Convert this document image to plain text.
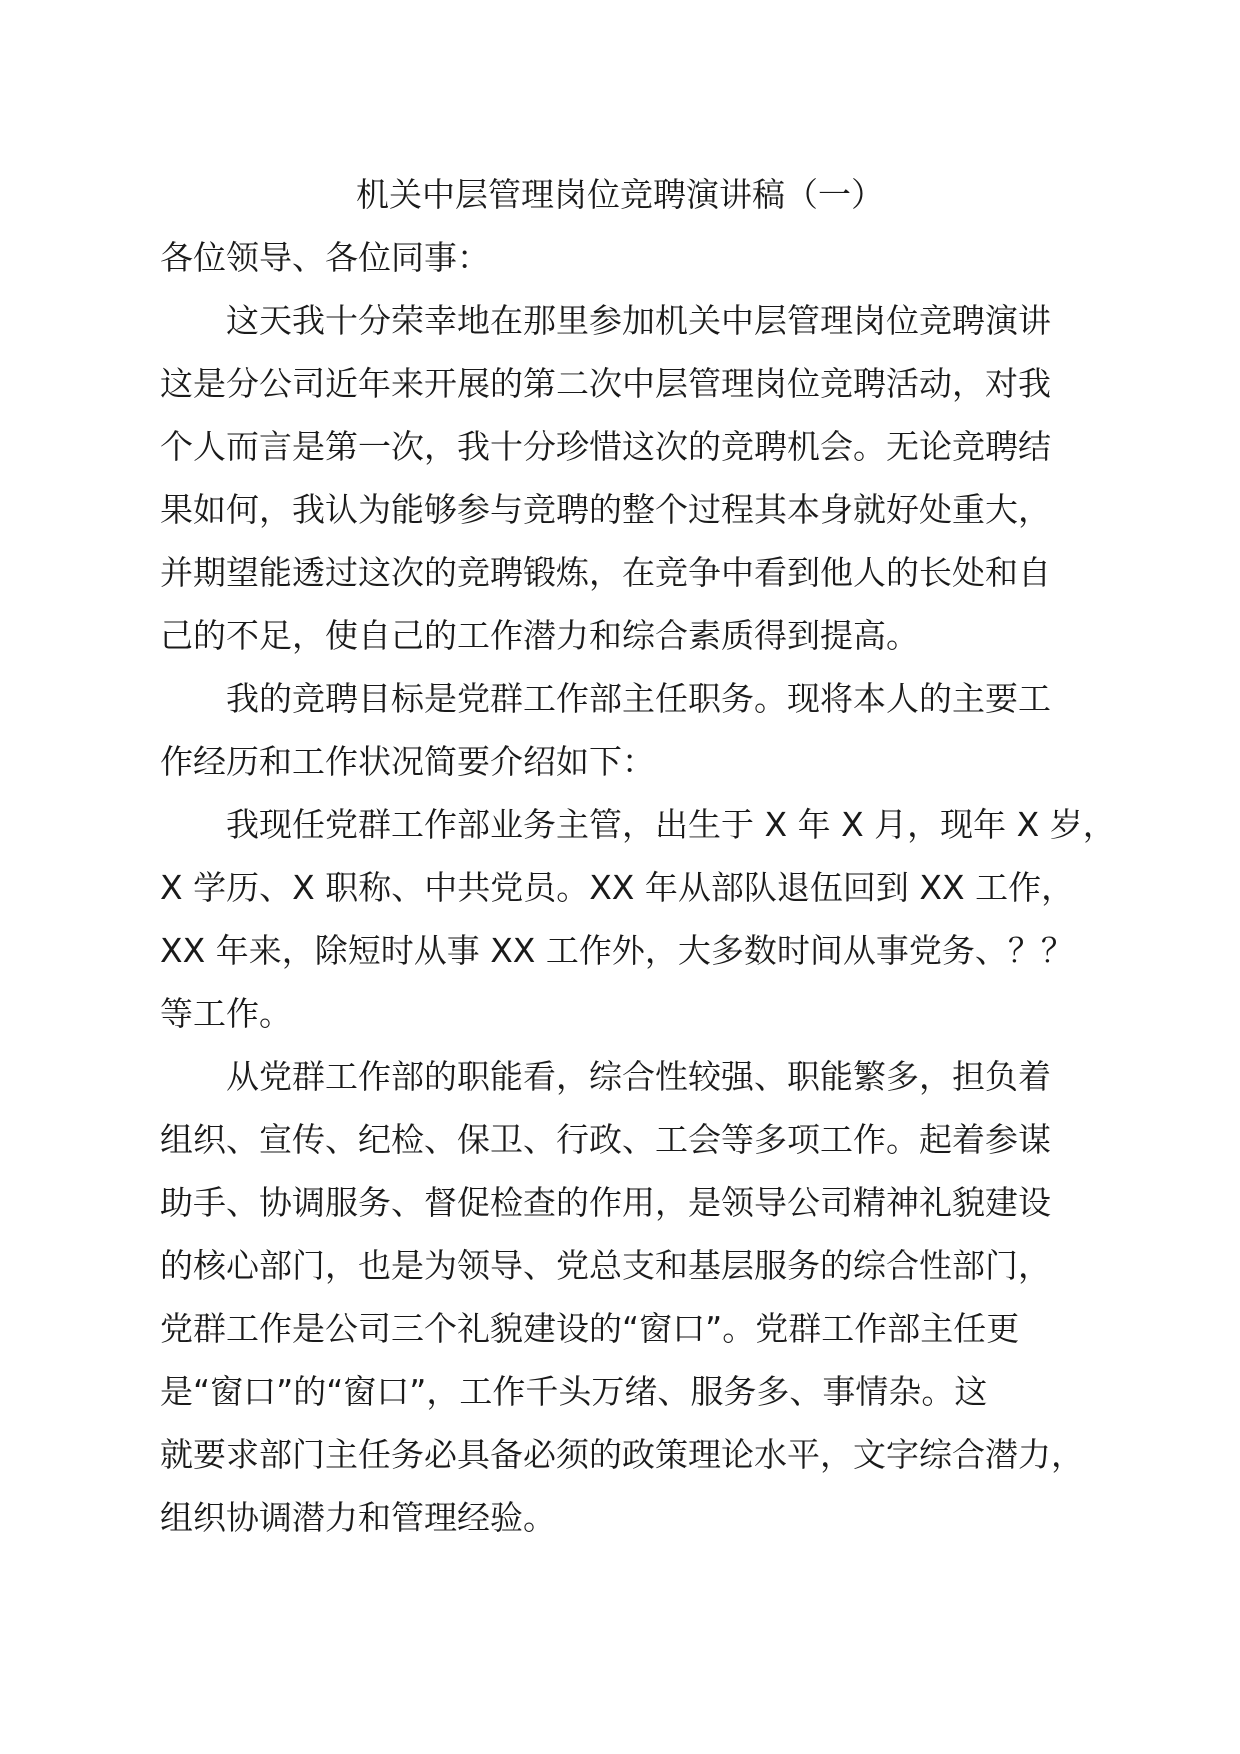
机关中层管理岗位竞聘演讲稿（一）
各位领导、各位同事：
这天我十分荣幸地在那里参加机关中层管理岗位竞聘演讲
这是分公司近年来开展的第二次中层管理岗位竞聘活动，对我
个人而言是第一次，我十分珍惜这次的竞聘机会。无论竞聘结
果如何，我认为能够参与竞聘的整个过程其本身就好处重大，
并期望能透过这次的竞聘锻炼，在竞争中看到他人的长处和自
己的不足，使自己的工作潜力和综合素质得到提高。
我的竞聘目标是党群工作部主任职务。现将本人的主要工
作经历和工作状况简要介绍如下：
我现任党群工作部业务主管，出生于 X 年 X 月，现年 X 岁，
X 学历、X 职称、中共党员。XX 年从部队退伍回到 XX 工作，
XX 年来，除短时从事 XX 工作外，大多数时间从事党务、？？
等工作。
从党群工作部的职能看，综合性较强、职能繁多，担负着
组织、宣传、纪检、保卫、行政、工会等多项工作。起着参谋
助手、协调服务、督促检查的作用，是领导公司精神礼貌建设
的核心部门，也是为领导、党总支和基层服务的综合性部门，
党群工作是公司三个礼貌建设的“窗口”。党群工作部主任更
是“窗口”的“窗口”，工作千头万绪、服务多、事情杂。这
就要求部门主任务必具备必须的政策理论水平，文字综合潜力，
组织协调潜力和管理经验。
